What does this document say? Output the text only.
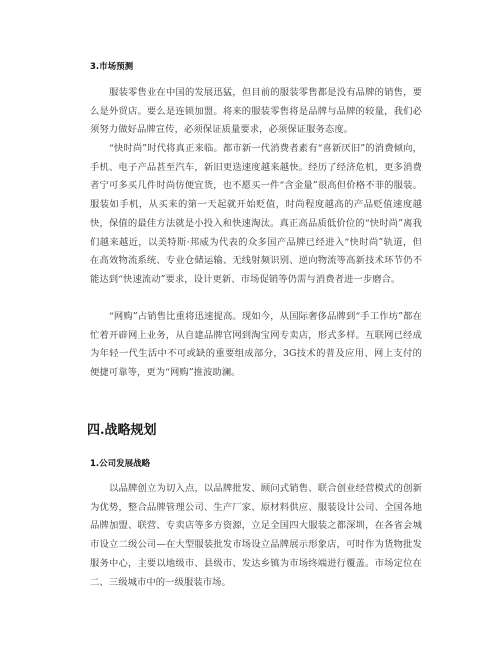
3.市场预测
服装零售业在中国的发展迅猛，但目前的服装零售都是没有品牌的销售，要么是外贸店。要么是连锁加盟。将来的服装零售将是品牌与品牌的较量，我们必须努力做好品牌宣传，必须保证质量要求，必须保证服务态度。
“快时尚”时代将真正来临。都市新一代消费者素有“喜新厌旧”的消费倾向，手机、电子产品甚至汽车，新旧更迭速度越来越快。经历了经济危机，更多消费者宁可多买几件时尚仿便宜货，也不愿买一件“含金量”很高但价格不菲的服装。服装如手机，从买来的第一天起就开始贬值，时尚程度越高的产品贬值速度越快，保值的最佳方法就是小投入和快速淘汰。真正高品质低价位的“快时尚”离我们越来越近，以美特斯·邦威为代表的众多国产品牌已经进入“快时尚”轨道，但在高效物流系统、专业仓储运输、无线射频识别、逆向物流等高新技术环节仍不能达到“快速流动”要求，设计更新、市场促销等仍需与消费者进一步磨合。
“网购”占销售比重将迅速提高。现如今，从国际奢侈品牌到“手工作坊”都在忙着开辟网上业务，从自建品牌官网到淘宝网专卖店，形式多样。互联网已经成为年轻一代生活中不可或缺的重要组成部分，3G技术的普及应用、网上支付的便捷可靠等，更为“网购”推波助澜。
四.战略规划
1.公司发展战略
以品牌创立为切入点，以品牌批发、顾问式销售、联合创业经营模式的创新为优势，整合品牌管理公司、生产厂家、原材料供应、服装设计公司、全国各地品牌加盟、联营、专卖店等多方资源，立足全国四大服装之都深圳，在各省会城市设立二级公司—在大型服装批发市场设立品牌展示形象店，可时作为货物批发服务中心，主要以地级市、县级市、发达乡镇为市场终端进行覆盖。市场定位在二、三级城市中的一级服装市场。
